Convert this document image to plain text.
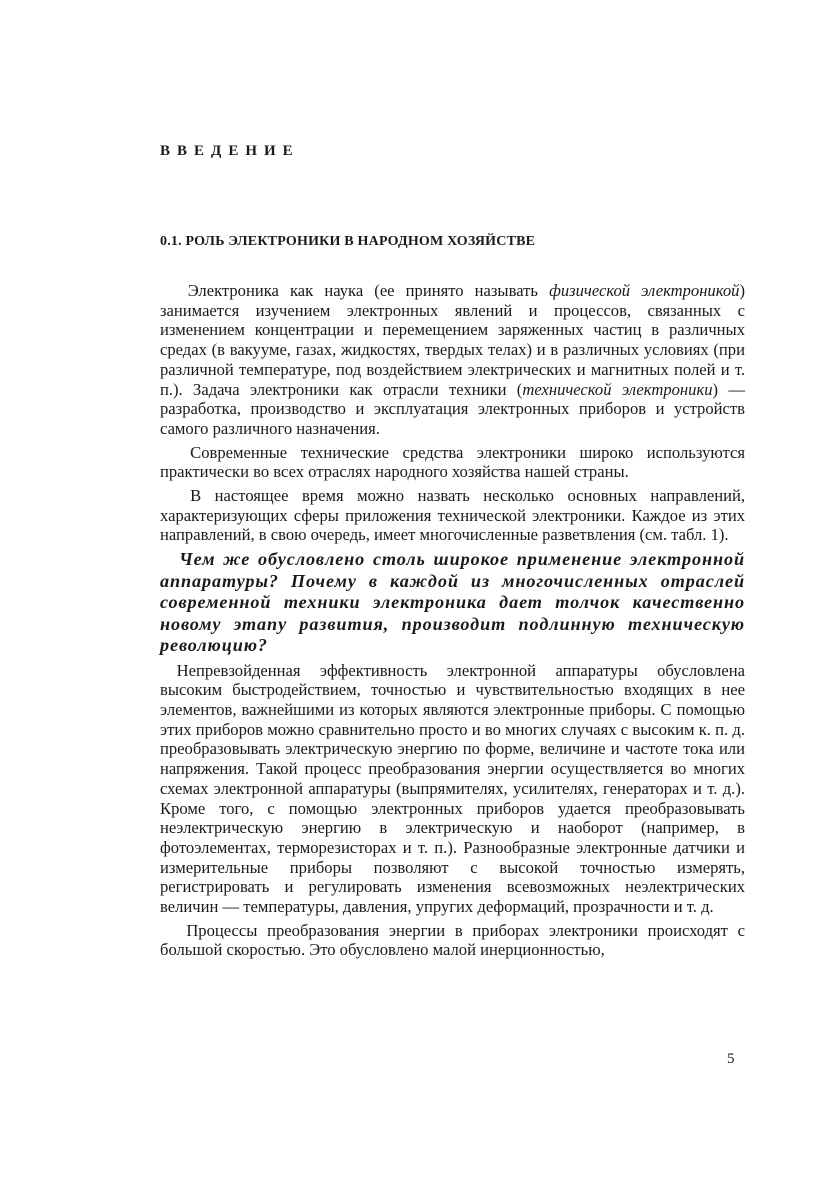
ВВЕДЕНИЕ
0.1. РОЛЬ ЭЛЕКТРОНИКИ В НАРОДНОМ ХОЗЯЙСТВЕ

  Электроника как наука (ее принято называть физической электроникой) занимается изучением электронных явлений и процессов, связанных с изменением концентрации и перемещением заряженных частиц в различных средах (в вакууме, газах, жидкостях, твердых телах) и в различных условиях (при различной температуре, под воздействием электрических и магнитных полей и т. п.). Задача электроники как отрасли техники (технической электроники) — разработка, производство и эксплуатация электронных приборов и устройств самого различного назначения.

  Современные технические средства электроники широко используются практически во всех отраслях народного хозяйства нашей страны.

  В настоящее время можно назвать несколько основных направлений, характеризующих сферы приложения технической электроники. Каждое из этих направлений, в свою очередь, имеет многочисленные разветвления (см. табл. 1).

 Чем же обусловлено столь широкое применение электронной аппаратуры? Почему в каждой из многочисленных отраслей современной техники электроника дает толчок качественно новому этапу развития, производит подлинную техническую революцию?

 Непревзойденная эффективность электронной аппаратуры обусловлена высоким быстродействием, точностью и чувствительностью входящих в нее элементов, важнейшими из которых являются электронные приборы. С помощью этих приборов можно сравнительно просто и во многих случаях с высоким к. п. д. преобразовывать электрическую энергию по форме, величине и частоте тока или напряжения. Такой процесс преобразования энергии осуществляется во многих схемах электронной аппаратуры (выпрямителях, усилителях, генераторах и т. д.). Кроме того, с помощью электронных приборов удается преобразовывать неэлектрическую энергию в электрическую и наоборот (например, в фотоэлементах, терморезисторах и т. п.). Разнообразные электронные датчики и измерительные приборы позволяют с высокой точностью измерять, регистрировать и регулировать изменения всевозможных неэлектрических величин — температуры, давления, упругих деформаций, прозрачности и т. д.

  Процессы преобразования энергии в приборах электроники происходят с большой скоростью. Это обусловлено малой инерционностью,

5
